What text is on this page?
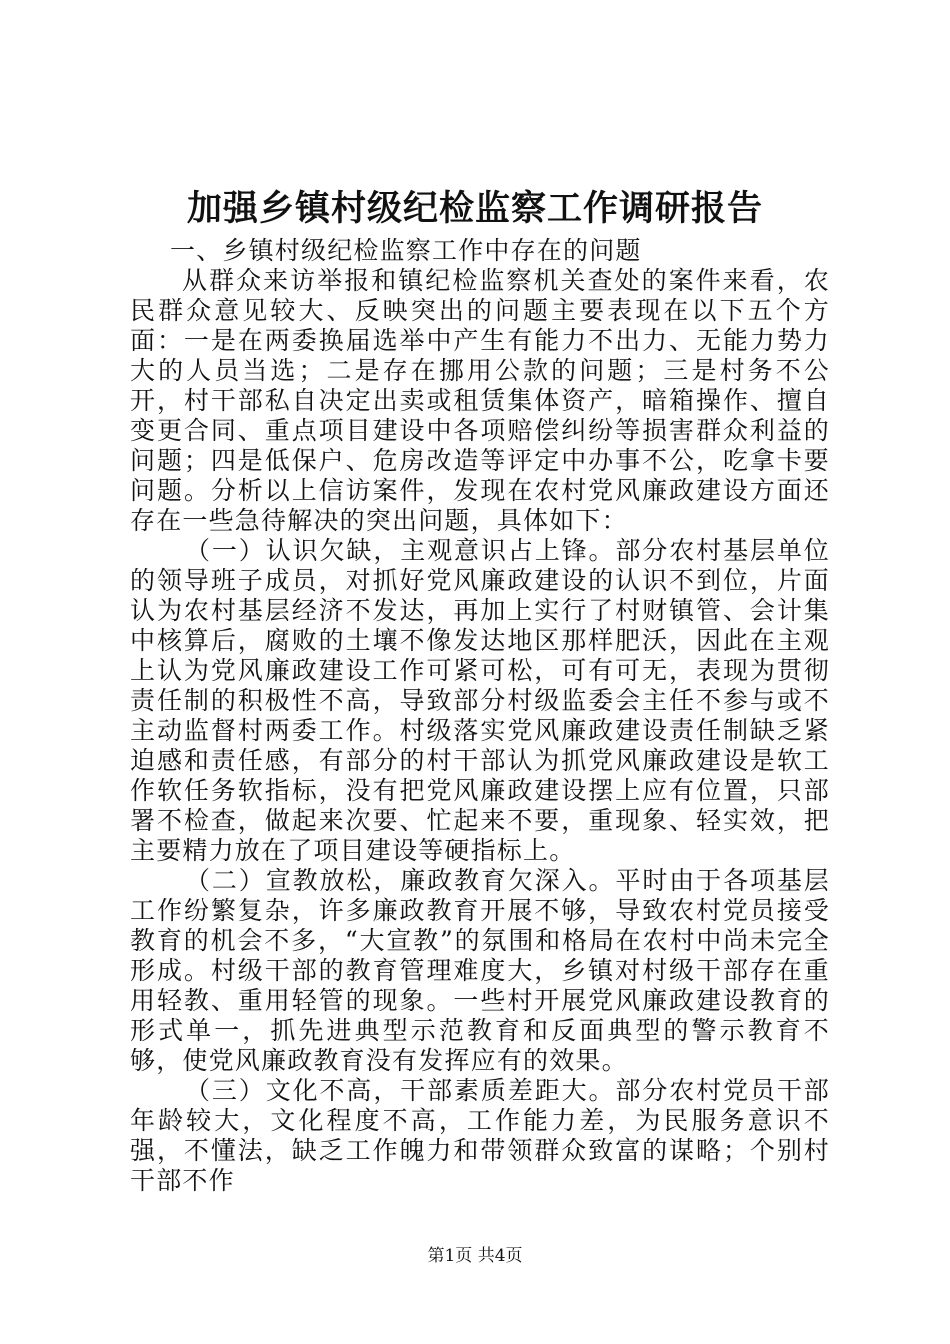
加强乡镇村级纪检监察工作调研报告

一、乡镇村级纪检监察工作中存在的问题

从群众来访举报和镇纪检监察机关查处的案件来看，农民群众意见较大、反映突出的问题主要表现在以下五个方面：一是在两委换届选举中产生有能力不出力、无能力势力大的人员当选；二是存在挪用公款的问题；三是村务不公开，村干部私自决定出卖或租赁集体资产，暗箱操作、擅自变更合同、重点项目建设中各项赔偿纠纷等损害群众利益的问题；四是低保户、危房改造等评定中办事不公，吃拿卡要问题。分析以上信访案件，发现在农村党风廉政建设方面还存在一些急待解决的突出问题，具体如下：

（一）认识欠缺，主观意识占上锋。部分农村基层单位的领导班子成员，对抓好党风廉政建设的认识不到位，片面认为农村基层经济不发达，再加上实行了村财镇管、会计集中核算后，腐败的土壤不像发达地区那样肥沃，因此在主观上认为党风廉政建设工作可紧可松，可有可无，表现为贯彻责任制的积极性不高，导致部分村级监委会主任不参与或不主动监督村两委工作。村级落实党风廉政建设责任制缺乏紧迫感和责任感，有部分的村干部认为抓党风廉政建设是软工作软任务软指标，没有把党风廉政建设摆上应有位置，只部署不检查，做起来次要、忙起来不要，重现象、轻实效，把主要精力放在了项目建设等硬指标上。

（二）宣教放松，廉政教育欠深入。平时由于各项基层工作纷繁复杂，许多廉政教育开展不够，导致农村党员接受教育的机会不多，“大宣教”的氛围和格局在农村中尚未完全形成。村级干部的教育管理难度大，乡镇对村级干部存在重用轻教、重用轻管的现象。一些村开展党风廉政建设教育的形式单一，抓先进典型示范教育和反面典型的警示教育不够，使党风廉政教育没有发挥应有的效果。

（三）文化不高，干部素质差距大。部分农村党员干部年龄较大，文化程度不高，工作能力差，为民服务意识不强，不懂法，缺乏工作魄力和带领群众致富的谋略；个别村干部不作

第1页 共4页
